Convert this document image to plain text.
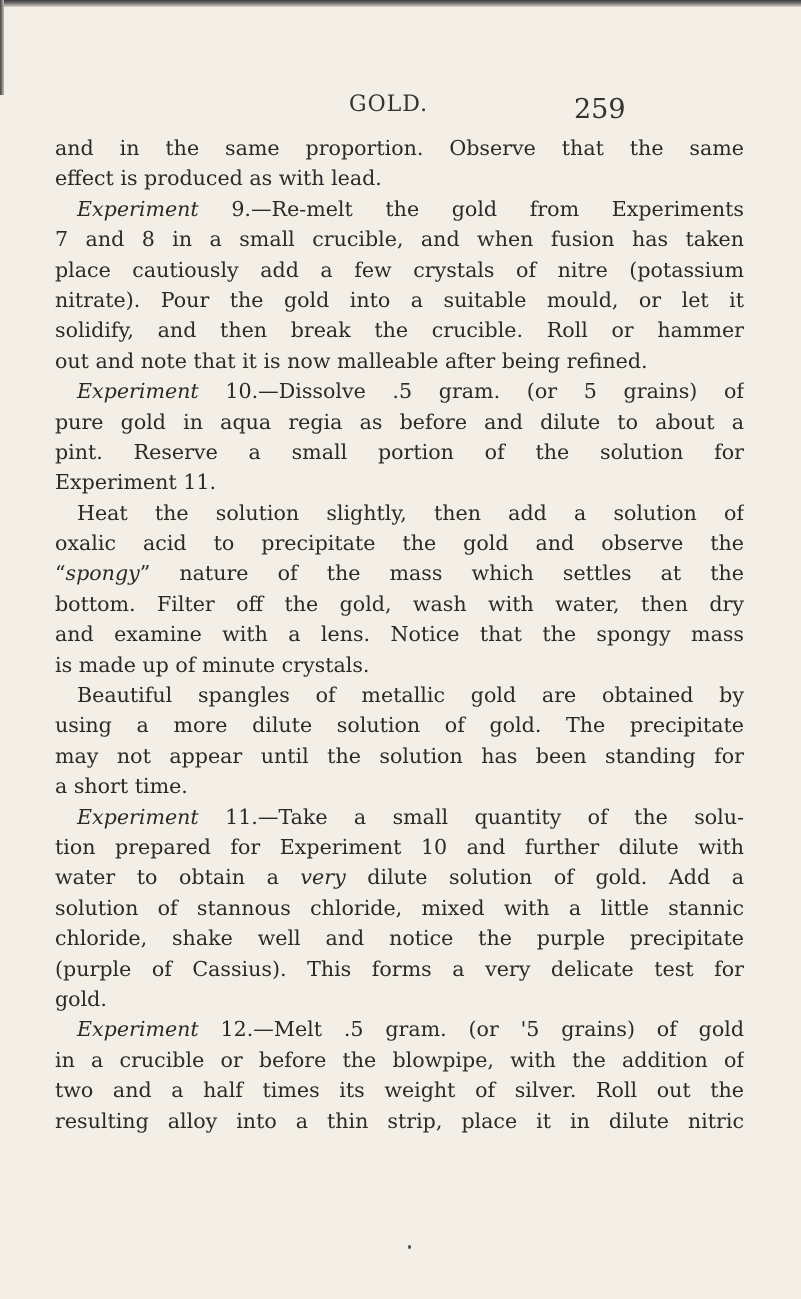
GOLD.	259
and in the same proportion. Observe that the same
effect is produced as with lead.
Experiment 9.—Re-melt the gold from Experiments
7 and 8 in a small crucible, and when fusion has taken
place cautiously add a few crystals of nitre (potassium
nitrate). Pour the gold into a suitable mould, or let it
solidify, and then break the crucible. Roll or hammer
out and note that it is now malleable after being refined.
Experiment 10.—Dissolve .5 gram. (or 5 grains) of
pure gold in aqua regia as before and dilute to about a
pint. Reserve a small portion of the solution for
Experiment 11.
Heat the solution slightly, then add a solution of
oxalic acid to precipitate the gold and observe the
“spongy” nature of the mass which settles at the
bottom. Filter off the gold, wash with water, then dry
and examine with a lens. Notice that the spongy mass
is made up of minute crystals.
Beautiful spangles of metallic gold are obtained by
using a more dilute solution of gold. The precipitate
may not appear until the solution has been standing for
a short time.
Experiment 11.—Take a small quantity of the solu-
tion prepared for Experiment 10 and further dilute with
water to obtain a very dilute solution of gold. Add a
solution of stannous chloride, mixed with a little stannic
chloride, shake well and notice the purple precipitate
(purple of Cassius). This forms a very delicate test for
gold.
Experiment 12.—Melt .5 gram. (or '5 grains) of gold
in a crucible or before the blowpipe, with the addition of
two and a half times its weight of silver. Roll out the
resulting alloy into a thin strip, place it in dilute nitric
